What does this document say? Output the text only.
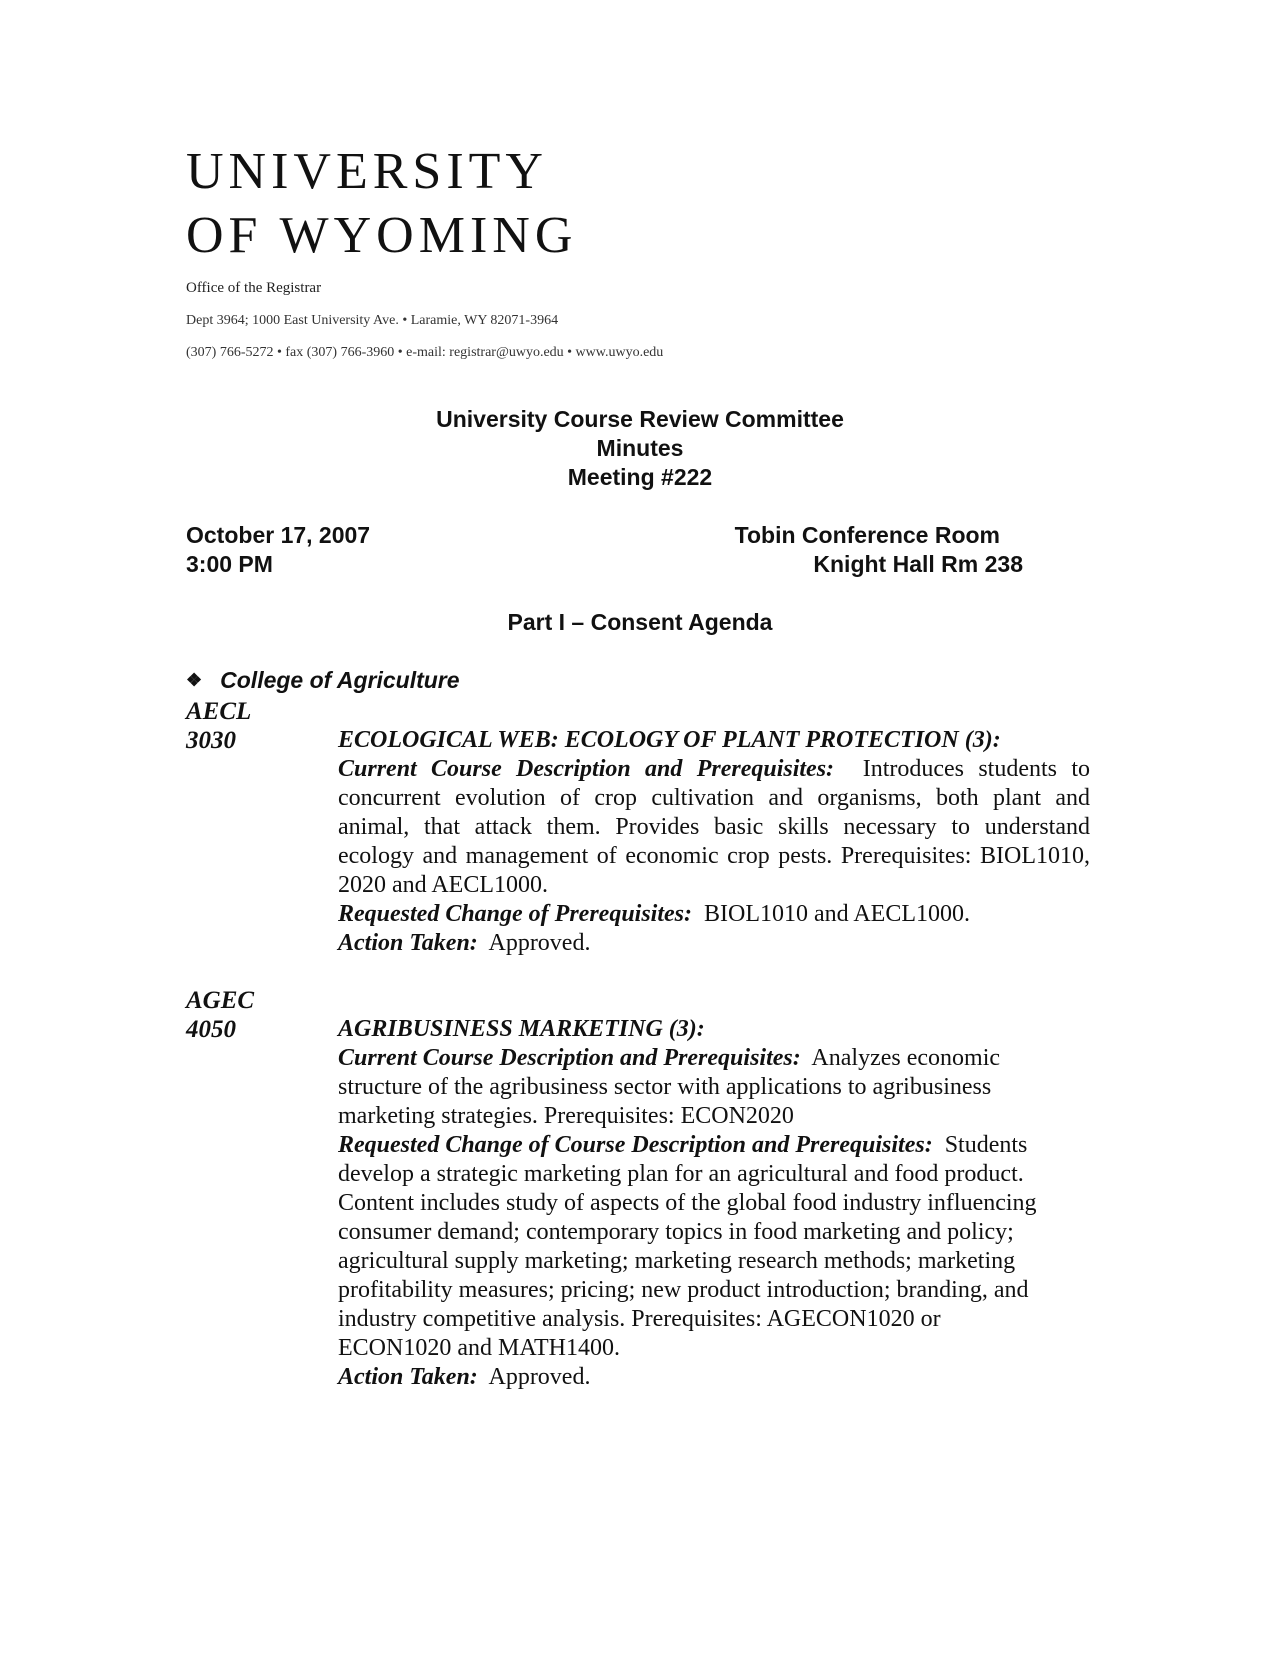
UNIVERSITY
OF WYOMING
Office of the Registrar
Dept 3964; 1000 East University Ave. • Laramie, WY 82071-3964
(307) 766-5272 • fax (307) 766-3960 • e-mail: registrar@uwyo.edu • www.uwyo.edu
University Course Review Committee
Minutes
Meeting #222
October 17, 2007
3:00 PM
Tobin Conference Room
Knight Hall Rm 238
Part I – Consent Agenda
❖ College of Agriculture
AECL
3030	ECOLOGICAL WEB: ECOLOGY OF PLANT PROTECTION (3):
Current Course Description and Prerequisites: Introduces students to concurrent evolution of crop cultivation and organisms, both plant and animal, that attack them. Provides basic skills necessary to understand ecology and management of economic crop pests. Prerequisites: BIOL1010, 2020 and AECL1000.
Requested Change of Prerequisites: BIOL1010 and AECL1000.
Action Taken: Approved.
AGEC
4050	AGRIBUSINESS MARKETING (3):
Current Course Description and Prerequisites: Analyzes economic structure of the agribusiness sector with applications to agribusiness marketing strategies. Prerequisites: ECON2020
Requested Change of Course Description and Prerequisites: Students develop a strategic marketing plan for an agricultural and food product. Content includes study of aspects of the global food industry influencing consumer demand; contemporary topics in food marketing and policy; agricultural supply marketing; marketing research methods; marketing profitability measures; pricing; new product introduction; branding, and industry competitive analysis. Prerequisites: AGECON1020 or ECON1020 and MATH1400.
Action Taken: Approved.
